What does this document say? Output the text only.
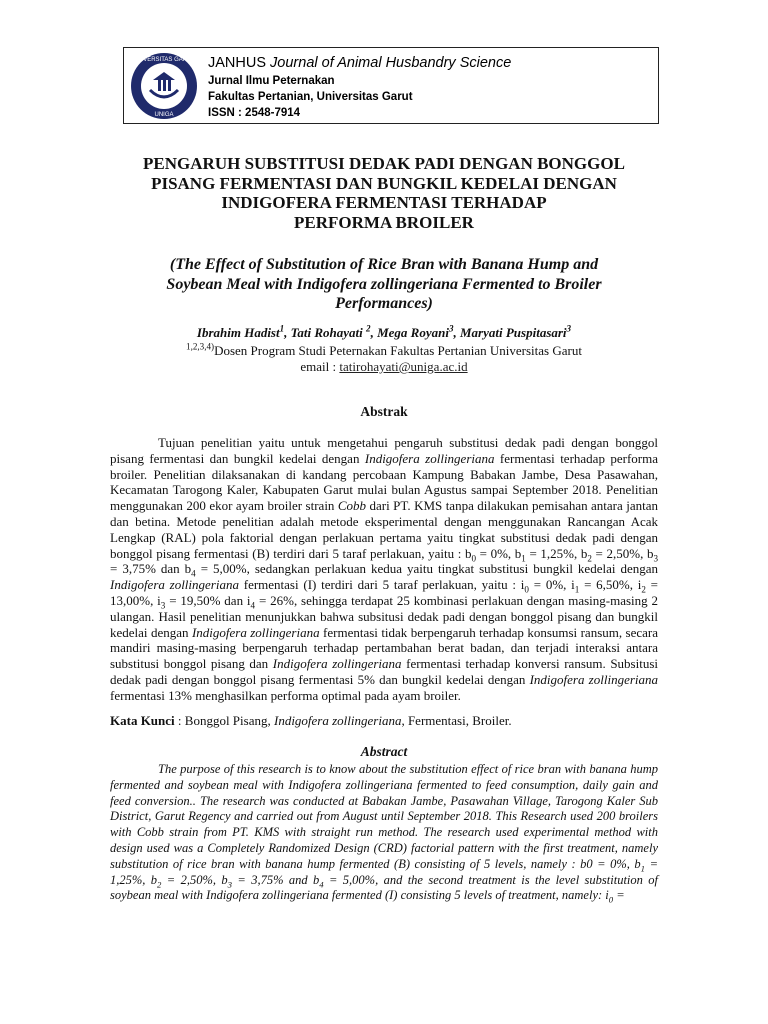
UNIVERSITAS GARUT
UNIGA
JANHUS Journal of Animal Husbandry Science
Jurnal Ilmu Peternakan
Fakultas Pertanian, Universitas Garut
ISSN : 2548-7914
PENGARUH SUBSTITUSI DEDAK PADI DENGAN BONGGOL
PISANG FERMENTASI DAN BUNGKIL KEDELAI DENGAN
INDIGOFERA FERMENTASI TERHADAP
PERFORMA BROILER
(The Effect of Substitution of Rice Bran with Banana Hump and
Soybean Meal with Indigofera zollingeriana Fermented to Broiler
Performances)
Ibrahim Hadist$^1$, Tati Rohayati $^2$, Mega Royani$^3$, Maryati Puspitasari$^3$
$^{1,2,3,4)}$Dosen Program Studi Peternakan Fakultas Pertanian Universitas Garut
email : tatirohayati@uniga.ac.id
Abstrak

Tujuan penelitian yaitu untuk mengetahui pengaruh substitusi dedak padi dengan bonggol pisang fermentasi dan bungkil kedelai dengan Indigofera zollingeriana fermentasi terhadap performa broiler. Penelitian dilaksanakan di kandang percobaan Kampung Babakan Jambe, Desa Pasawahan, Kecamatan Tarogong Kaler, Kabupaten Garut mulai bulan Agustus sampai September 2018. Penelitian menggunakan 200 ekor ayam broiler strain Cobb dari PT. KMS tanpa dilakukan pemisahan antara jantan dan betina. Metode penelitian adalah metode eksperimental dengan menggunakan Rancangan Acak Lengkap (RAL) pola faktorial dengan perlakuan pertama yaitu tingkat substitusi dedak padi dengan bonggol pisang fermentasi (B) terdiri dari 5 taraf perlakuan, yaitu : $b_0 = 0\%$, $b_1 = 1,25\%$, $b_2 = 2,50\%$, $b_3 = 3,75\%$ dan $b_4 = 5,00\%$, sedangkan perlakuan kedua yaitu tingkat substitusi bungkil kedelai dengan Indigofera zollingeriana fermentasi (I) terdiri dari 5 taraf perlakuan, yaitu : $i_0 = 0\%$, $i_1 = 6,50\%$, $i_2 = 13,00\%$, $i_3 = 19,50\%$ dan $i_4 = 26\%$, sehingga terdapat 25 kombinasi perlakuan dengan masing-masing 2 ulangan. Hasil penelitian menunjukkan bahwa subsitusi dedak padi dengan bonggol pisang dan bungkil kedelai dengan Indigofera zollingeriana fermentasi tidak berpengaruh terhadap konsumsi ransum, secara mandiri masing-masing berpengaruh terhadap pertambahan berat badan, dan terjadi interaksi antara substitusi bonggol pisang dan Indigofera zollingeriana fermentasi terhadap konversi ransum. Subsitusi dedak padi dengan bonggol pisang fermentasi 5% dan bungkil kedelai dengan Indigofera zollingeriana fermentasi 13% menghasilkan performa optimal pada ayam broiler.

Kata Kunci : Bonggol Pisang, Indigofera zollingeriana, Fermentasi, Broiler.
Abstract

The purpose of this research is to know about the substitution effect of rice bran with banana hump fermented and soybean meal with Indigofera zollingeriana fermented to feed consumption, daily gain and feed conversion.. The research was conducted at Babakan Jambe, Pasawahan Village, Tarogong Kaler Sub District, Garut Regency and carried out from August until September 2018. This Research used 200 broilers with Cobb strain from PT. KMS with straight run method. The research used experimental method with design used was a Completely Randomized Design (CRD) factorial pattern with the first treatment, namely substitution of rice bran with banana hump fermented (B) consisting of 5 levels, namely : b0 = 0%, $b_1 = 1,25\%$, $b_2 = 2,50\%$, $b_3 = 3,75\%$ and $b_4 = 5,00\%$, and the second treatment is the level substitution of soybean meal with Indigofera zollingeriana fermented (I) consisting 5 levels of treatment, namely: $i_0$ =
